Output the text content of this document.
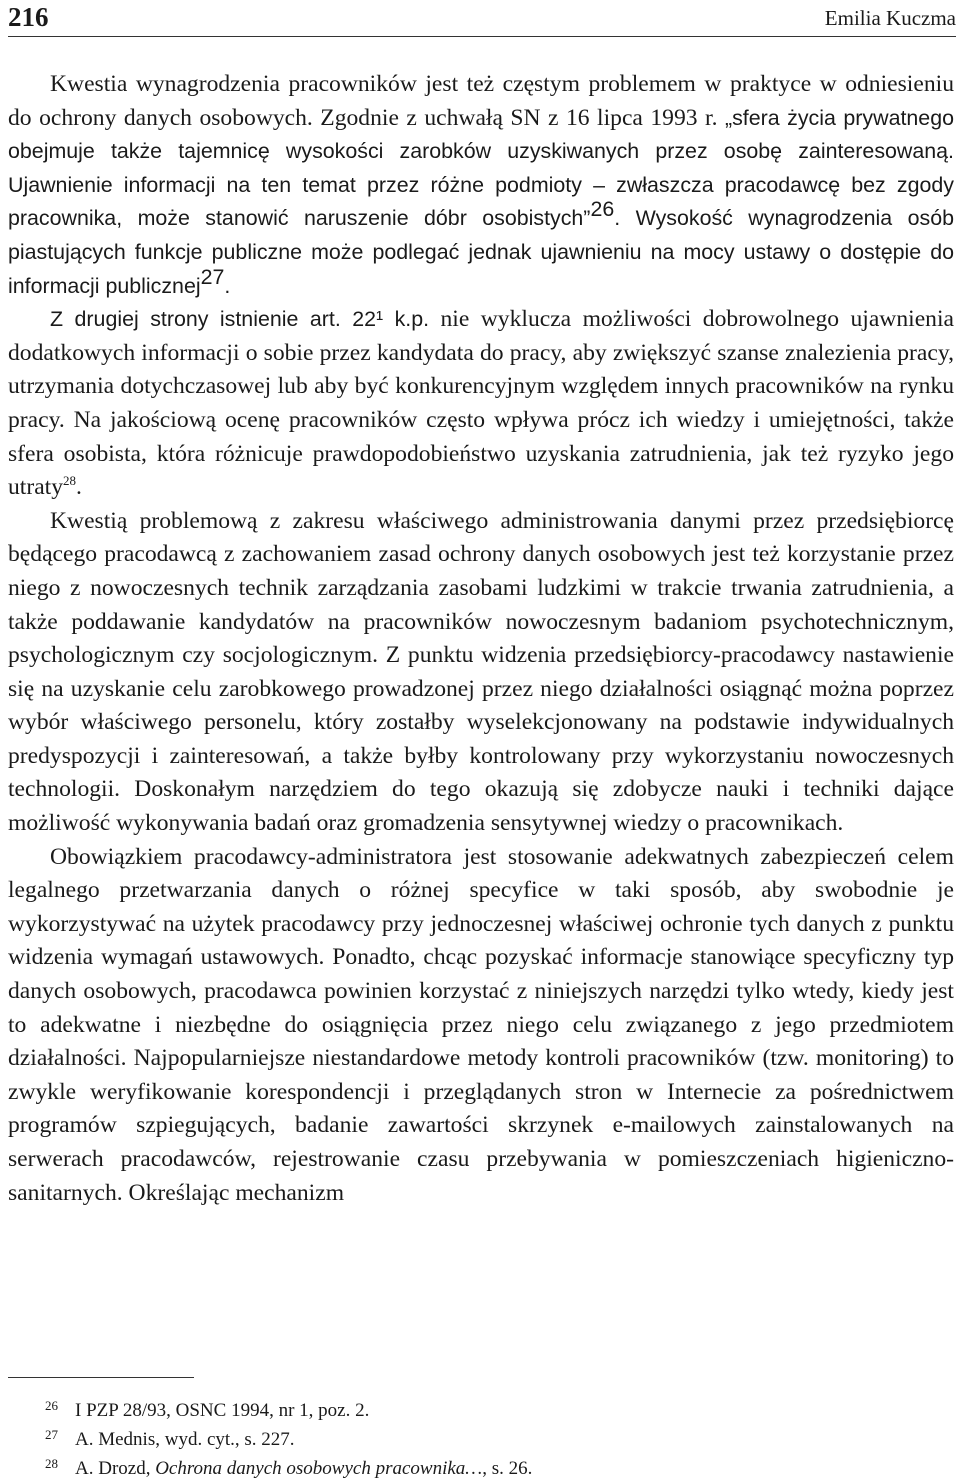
216	Emilia Kuczma

Kwestia wynagrodzenia pracowników jest też częstym problemem w praktyce w odniesieniu do ochrony danych osobowych. Zgodnie z uchwałą SN z 16 lipca 1993 r. „sfera życia prywatnego obejmuje także tajemnicę wysokości zarobków uzyskiwanych przez osobę zainteresowaną. Ujawnienie informacji na ten temat przez różne podmioty – zwłaszcza pracodawcę bez zgody pracownika, może stanowić naruszenie dóbr osobistych”$^{26}$. Wysokość wynagrodzenia osób piastujących funkcje publiczne może podlegać jednak ujawnieniu na mocy ustawy o dostępie do informacji publicznej$^{27}$.

Z drugiej strony istnienie art. 22¹ k.p. nie wyklucza możliwości dobrowolnego ujawnienia dodatkowych informacji o sobie przez kandydata do pracy, aby zwiększyć szanse znalezienia pracy, utrzymania dotychczasowej lub aby być konkurencyjnym względem innych pracowników na rynku pracy. Na jakościową ocenę pracowników często wpływa prócz ich wiedzy i umiejętności, także sfera osobista, która różnicuje prawdopodobieństwo uzyskania zatrudnienia, jak też ryzyko jego utraty$^{28}$.

Kwestią problemową z zakresu właściwego administrowania danymi przez przedsiębiorcę będącego pracodawcą z zachowaniem zasad ochrony danych osobowych jest też korzystanie przez niego z nowoczesnych technik zarządzania zasobami ludzkimi w trakcie trwania zatrudnienia, a także poddawanie kandydatów na pracowników nowoczesnym badaniom psychotechnicznym, psychologicznym czy socjologicznym. Z punktu widzenia przedsiębiorcy-pracodawcy nastawienie się na uzyskanie celu zarobkowego prowadzonej przez niego działalności osiągnąć można poprzez wybór właściwego personelu, który zostałby wyselekcjonowany na podstawie indywidualnych predyspozycji i zainteresowań, a także byłby kontrolowany przy wykorzystaniu nowoczesnych technologii. Doskonałym narzędziem do tego okazują się zdobycze nauki i techniki dające możliwość wykonywania badań oraz gromadzenia sensytywnej wiedzy o pracownikach.

Obowiązkiem pracodawcy-administratora jest stosowanie adekwatnych zabezpieczeń celem legalnego przetwarzania danych o różnej specyfice w taki sposób, aby swobodnie je wykorzystywać na użytek pracodawcy przy jednoczesnej właściwej ochronie tych danych z punktu widzenia wymagań ustawowych. Ponadto, chcąc pozyskać informacje stanowiące specyficzny typ danych osobowych, pracodawca powinien korzystać z niniejszych narzędzi tylko wtedy, kiedy jest to adekwatne i niezbędne do osiągnięcia przez niego celu związanego z jego przedmiotem działalności. Najpopularniejsze niestandardowe metody kontroli pracowników (tzw. monitoring) to zwykle weryfikowanie korespondencji i przeglądanych stron w Internecie za pośrednictwem programów szpiegujących, badanie zawartości skrzynek e-mailowych zainstalowanych na serwerach pracodawców, rejestrowanie czasu przebywania w pomieszczeniach higieniczno-sanitarnych. Określając mechanizm

26 I PZP 28/93, OSNC 1994, nr 1, poz. 2.
27 A. Mednis, wyd. cyt., s. 227.
28 A. Drozd, Ochrona danych osobowych pracownika…, s. 26.
